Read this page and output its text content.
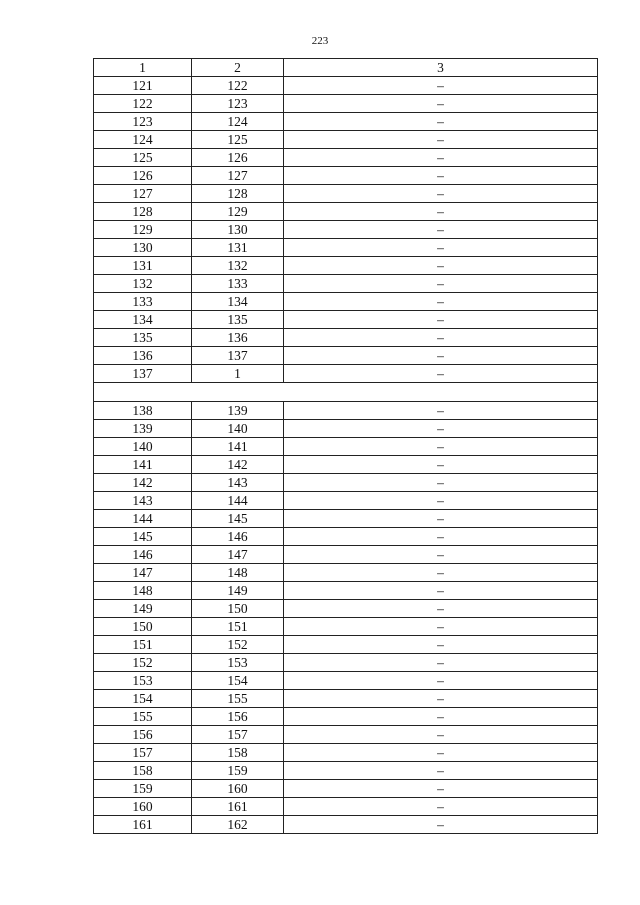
223
1	2	3
121	122	–
122	123	–
123	124	–
124	125	–
125	126	–
126	127	–
127	128	–
128	129	–
129	130	–
130	131	–
131	132	–
132	133	–
133	134	–
134	135	–
135	136	–
136	137	–
137	1	–

138	139	–
139	140	–
140	141	–
141	142	–
142	143	–
143	144	–
144	145	–
145	146	–
146	147	–
147	148	–
148	149	–
149	150	–
150	151	–
151	152	–
152	153	–
153	154	–
154	155	–
155	156	–
156	157	–
157	158	–
158	159	–
159	160	–
160	161	–
161	162	–
